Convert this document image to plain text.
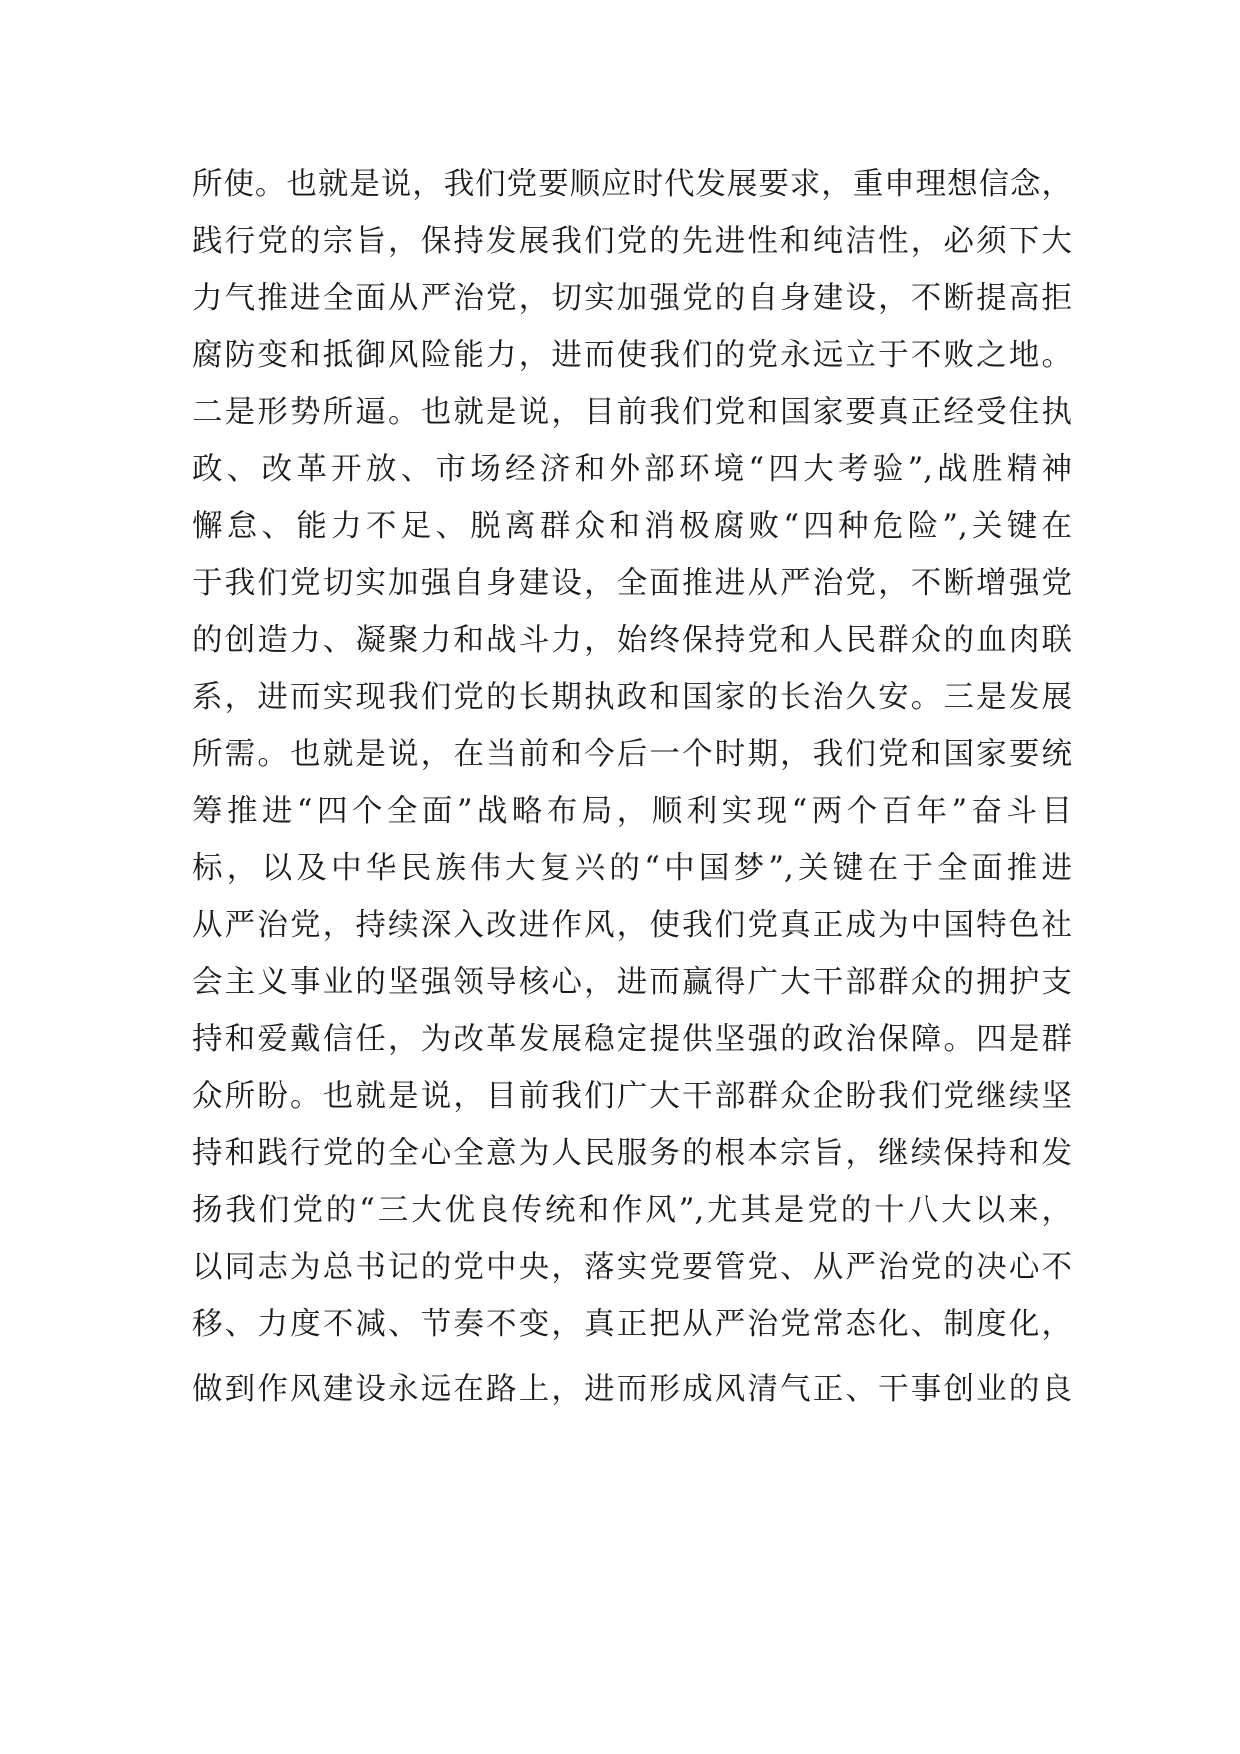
所使。也就是说，我们党要顺应时代发展要求，重申理想信念，
践行党的宗旨，保持发展我们党的先进性和纯洁性，必须下大
力气推进全面从严治党，切实加强党的自身建设，不断提高拒
腐防变和抵御风险能力，进而使我们的党永远立于不败之地。
二是形势所逼。也就是说，目前我们党和国家要真正经受住执
政、改革开放、市场经济和外部环境“四大考验”,战胜精神
懈怠、能力不足、脱离群众和消极腐败“四种危险”,关键在
于我们党切实加强自身建设，全面推进从严治党，不断增强党
的创造力、凝聚力和战斗力，始终保持党和人民群众的血肉联
系，进而实现我们党的长期执政和国家的长治久安。三是发展
所需。也就是说，在当前和今后一个时期，我们党和国家要统
筹推进“四个全面”战略布局，顺利实现“两个百年”奋斗目
标，以及中华民族伟大复兴的“中国梦”,关键在于全面推进
从严治党，持续深入改进作风，使我们党真正成为中国特色社
会主义事业的坚强领导核心，进而赢得广大干部群众的拥护支
持和爱戴信任，为改革发展稳定提供坚强的政治保障。四是群
众所盼。也就是说，目前我们广大干部群众企盼我们党继续坚
持和践行党的全心全意为人民服务的根本宗旨，继续保持和发
扬我们党的“三大优良传统和作风”,尤其是党的十八大以来，
以同志为总书记的党中央，落实党要管党、从严治党的决心不
移、力度不减、节奏不变，真正把从严治党常态化、制度化，
做到作风建设永远在路上，进而形成风清气正、干事创业的良
